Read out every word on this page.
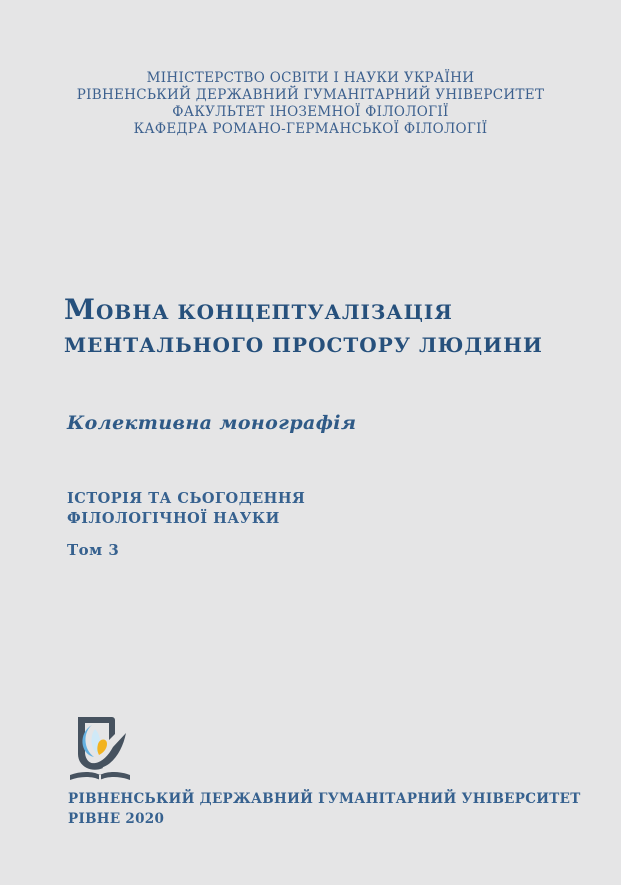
МІНІСТЕРСТВО ОСВІТИ І НАУКИ УКРАЇНИ
РІВНЕНСЬКИЙ ДЕРЖАВНИЙ ГУМАНІТАРНИЙ УНІВЕРСИТЕТ
ФАКУЛЬТЕТ ІНОЗЕМНОЇ ФІЛОЛОГІЇ
КАФЕДРА РОМАНО-ГЕРМАНСЬКОЇ ФІЛОЛОГІЇ
МОВНА КОНЦЕПТУАЛІЗАЦІЯ
МЕНТАЛЬНОГО ПРОСТОРУ ЛЮДИНИ
Колективна монографія
ІСТОРІЯ ТА СЬОГОДЕННЯ
ФІЛОЛОГІЧНОЇ НАУКИ
Том 3
РІВНЕНСЬКИЙ ДЕРЖАВНИЙ ГУМАНІТАРНИЙ УНІВЕРСИТЕТ
РІВНЕ 2020
